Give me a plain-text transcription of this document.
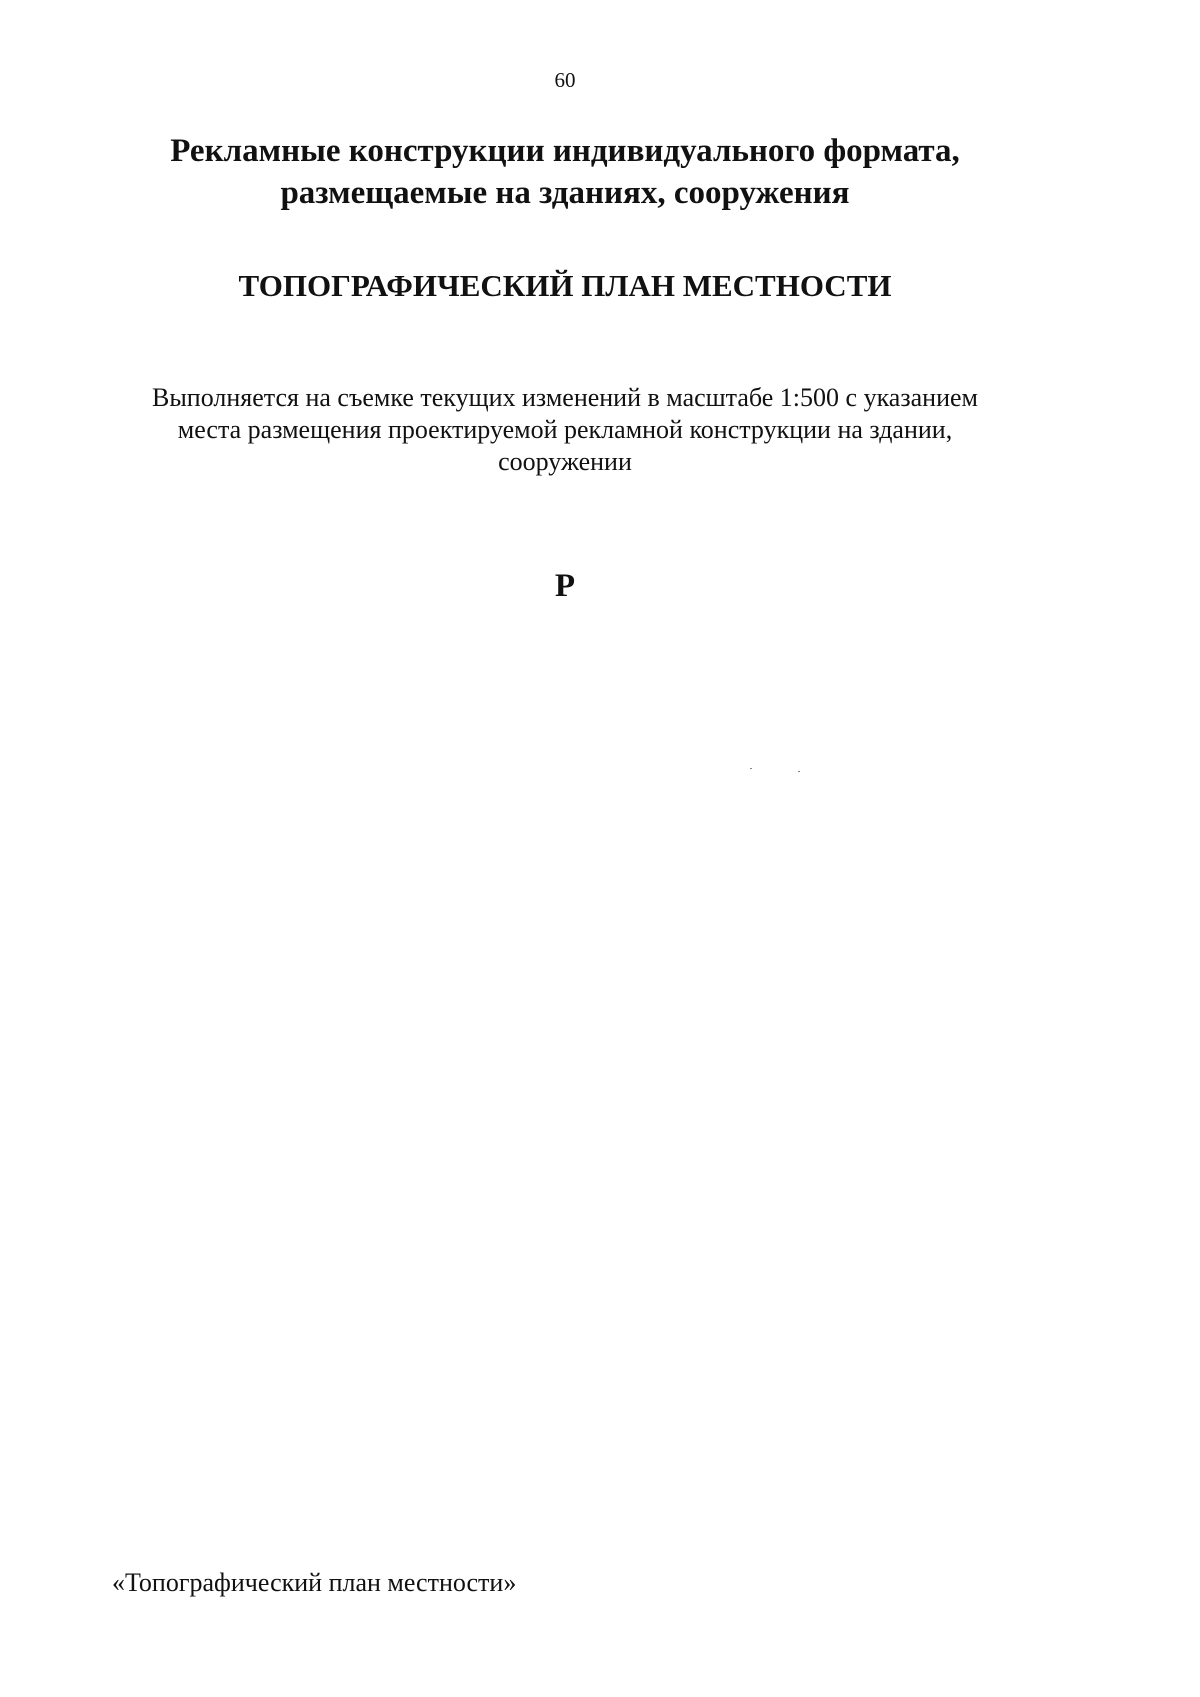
60
Рекламные конструкции индивидуального формата,
размещаемые на зданиях, сооружения
ТОПОГРАФИЧЕСКИЙ ПЛАН МЕСТНОСТИ
Выполняется на съемке текущих изменений в масштабе 1:500 с указанием
места размещения проектируемой рекламной конструкции на здании,
сооружении
Р
«Топографический план местности»
